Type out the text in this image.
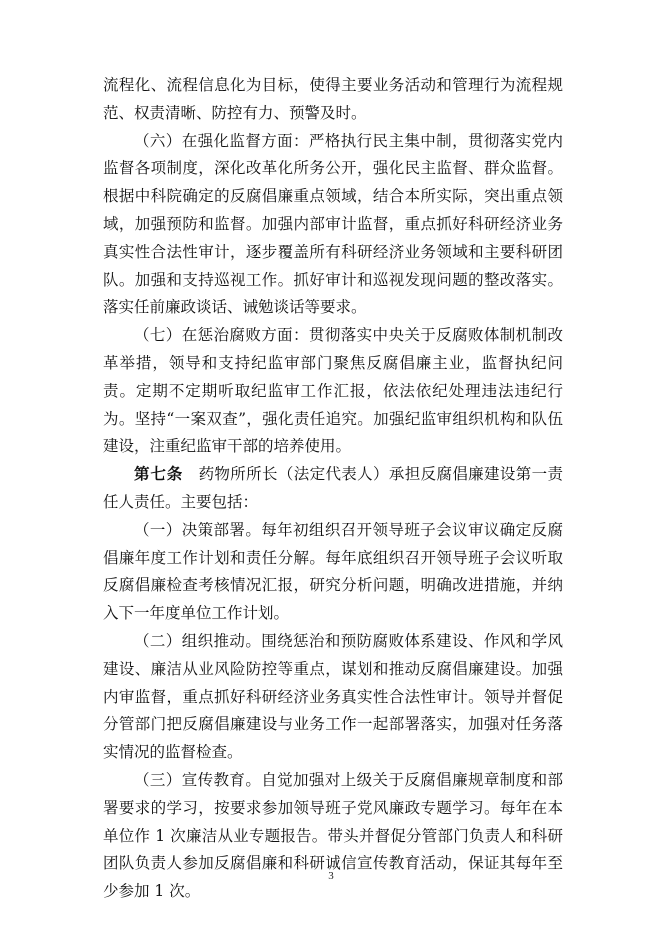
流程化、流程信息化为目标，使得主要业务活动和管理行为流程规范、权责清晰、防控有力、预警及时。

（六）在强化监督方面：严格执行民主集中制，贯彻落实党内监督各项制度，深化改革化所务公开，强化民主监督、群众监督。根据中科院确定的反腐倡廉重点领域，结合本所实际，突出重点领域，加强预防和监督。加强内部审计监督，重点抓好科研经济业务真实性合法性审计，逐步覆盖所有科研经济业务领域和主要科研团队。加强和支持巡视工作。抓好审计和巡视发现问题的整改落实。落实任前廉政谈话、诫勉谈话等要求。

（七）在惩治腐败方面：贯彻落实中央关于反腐败体制机制改革举措，领导和支持纪监审部门聚焦反腐倡廉主业，监督执纪问责。定期不定期听取纪监审工作汇报，依法依纪处理违法违纪行为。坚持“一案双查”，强化责任追究。加强纪监审组织机构和队伍建设，注重纪监审干部的培养使用。

第七条 药物所所长（法定代表人）承担反腐倡廉建设第一责任人责任。主要包括：

（一）决策部署。每年初组织召开领导班子会议审议确定反腐倡廉年度工作计划和责任分解。每年底组织召开领导班子会议听取反腐倡廉检查考核情况汇报，研究分析问题，明确改进措施，并纳入下一年度单位工作计划。

（二）组织推动。围绕惩治和预防腐败体系建设、作风和学风建设、廉洁从业风险防控等重点，谋划和推动反腐倡廉建设。加强内审监督，重点抓好科研经济业务真实性合法性审计。领导并督促分管部门把反腐倡廉建设与业务工作一起部署落实，加强对任务落实情况的监督检查。

（三）宣传教育。自觉加强对上级关于反腐倡廉规章制度和部署要求的学习，按要求参加领导班子党风廉政专题学习。每年在本单位作 1 次廉洁从业专题报告。带头并督促分管部门负责人和科研团队负责人参加反腐倡廉和科研诚信宣传教育活动，保证其每年至少参加 1 次。

3
